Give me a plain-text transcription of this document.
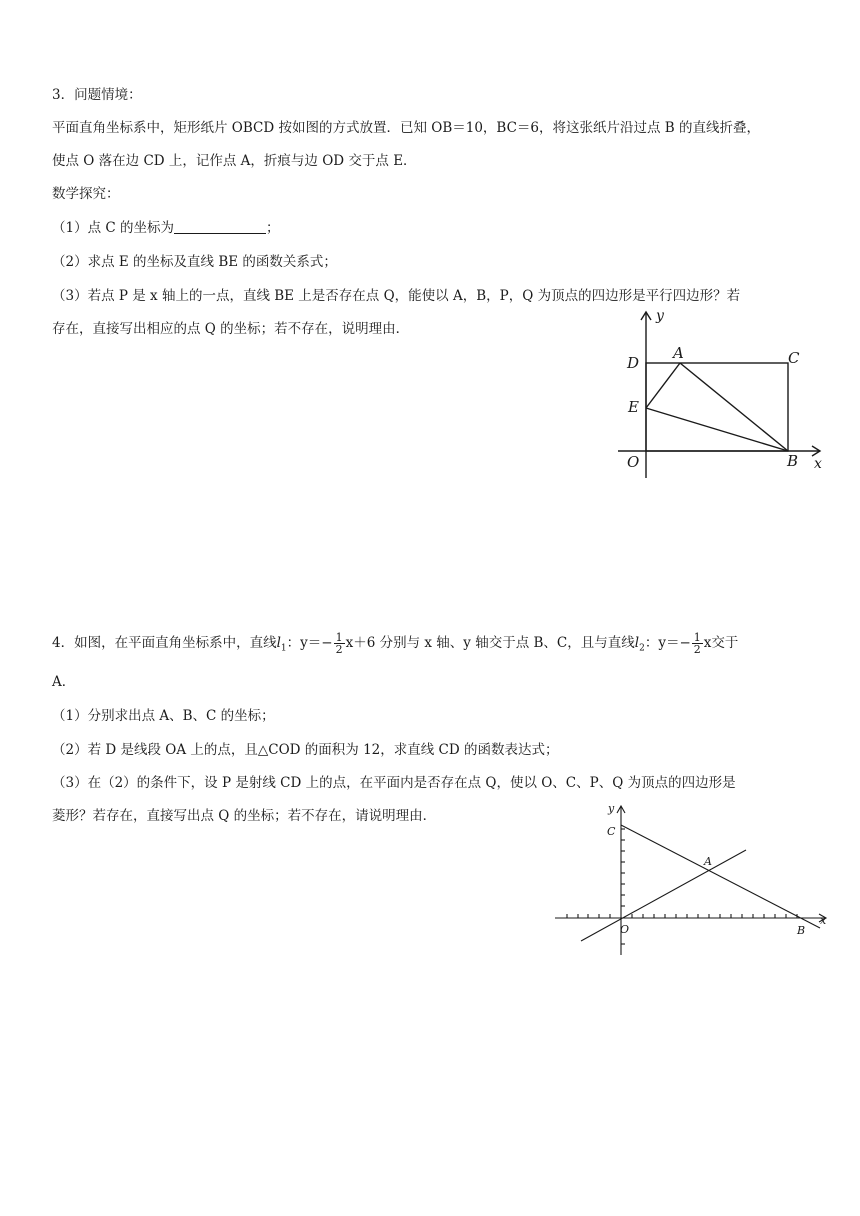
3．问题情境：
平面直角坐标系中，矩形纸片 OBCD 按如图的方式放置．已知 OB＝10，BC＝6，将这张纸片沿过点 B 的直线折叠，
使点 O 落在边 CD 上，记作点 A，折痕与边 OD 交于点 E．
数学探究：
（1）点 C 的坐标为	；
（2）求点 E 的坐标及直线 BE 的函数关系式；
（3）若点 P 是 x 轴上的一点，直线 BE 上是否存在点 Q，能使以 A，B，P，Q 为顶点的四边形是平行四边形？若
存在，直接写出相应的点 Q 的坐标；若不存在，说明理由．
y
x
D
A	C
E
O	B
4．如图，在平面直角坐标系中，直线$l_1$：$y=- \frac{1}{2} x+6$ 分别与 x 轴、y 轴交于点 B、C，且与直线$l_2$：$y=- \frac{1}{2}$ x交于
A．
（1）分别求出点 A、B、C 的坐标；
（2）若 D 是线段 OA 上的点，且△COD 的面积为 12，求直线 CD 的函数表达式；
（3）在（2）的条件下，设 P 是射线 CD 上的点，在平面内是否存在点 Q，使以 O、C、P、Q 为顶点的四边形是
菱形？若存在，直接写出点 Q 的坐标；若不存在，请说明理由．	y
x
C
A
O	B
